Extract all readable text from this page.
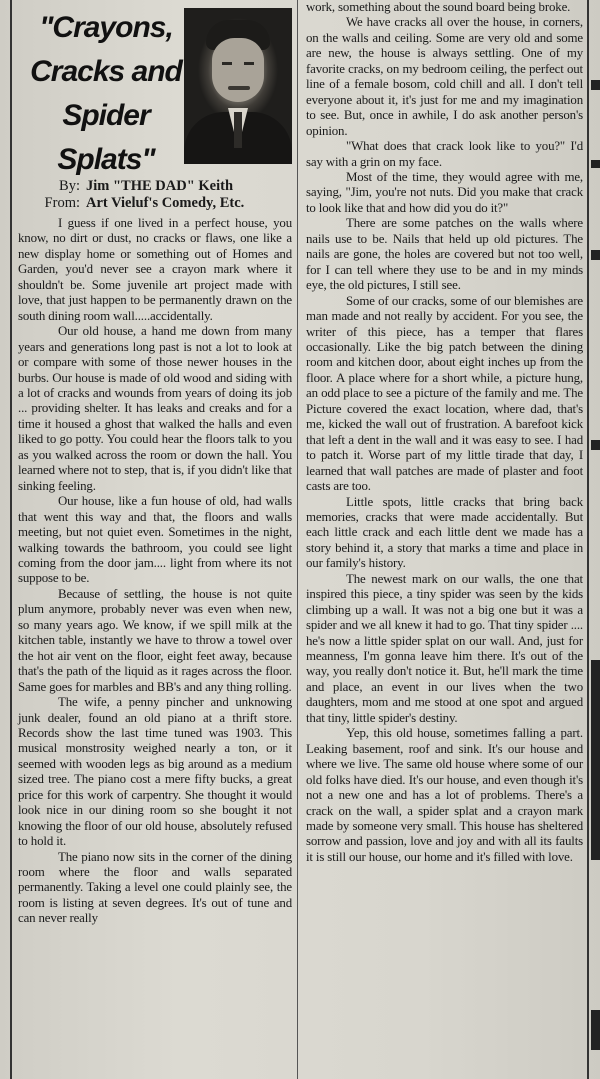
"Crayons,
Cracks and
Spider
Splats"
By: Jim "THE DAD" Keith
From: Art Vieluf's Comedy, Etc.

I guess if one lived in a perfect house, you know, no dirt or dust, no cracks or flaws, one like a new display home or something out of Homes and Garden, you'd never see a crayon mark where it shouldn't be. Some juvenile art project made with love, that just happen to be permanently drawn on the south dining room wall.....accidentally.

Our old house, a hand me down from many years and generations long past is not a lot to look at or compare with some of those newer houses in the burbs. Our house is made of old wood and siding with a lot of cracks and wounds from years of doing its job ... providing shelter. It has leaks and creaks and for a time it housed a ghost that walked the halls and even liked to go potty. You could hear the floors talk to you as you walked across the room or down the hall. You learned where not to step, that is, if you didn't like that sinking feeling.

Our house, like a fun house of old, had walls that went this way and that, the floors and walls meeting, but not quiet even. Sometimes in the night, walking towards the bathroom, you could see light coming from the door jam.... light from where its not suppose to be.

Because of settling, the house is not quite plum anymore, probably never was even when new, so many years ago. We know, if we spill milk at the kitchen table, instantly we have to throw a towel over the hot air vent on the floor, eight feet away, because that's the path of the liquid as it rages across the floor. Same goes for marbles and BB's and any thing rolling.

The wife, a penny pincher and unknowing junk dealer, found an old piano at a thrift store. Records show the last time tuned was 1903. This musical monstrosity weighed nearly a ton, or it seemed with wooden legs as big around as a medium sized tree. The piano cost a mere fifty bucks, a great price for this work of carpentry. She thought it would look nice in our dining room so she bought it not knowing the floor of our old house, absolutely refused to hold it.

The piano now sits in the corner of the dining room where the floor and walls separated permanently. Taking a level one could plainly see, the room is listing at seven degrees. It's out of tune and can never really

work, something about the sound board being broke.

We have cracks all over the house, in corners, on the walls and ceiling. Some are very old and some are new, the house is always settling. One of my favorite cracks, on my bedroom ceiling, the perfect out line of a female bosom, cold chill and all. I don't tell everyone about it, it's just for me and my imagination to see. But, once in awhile, I do ask another person's opinion.

"What does that crack look like to you?" I'd say with a grin on my face.

Most of the time, they would agree with me, saying, "Jim, you're not nuts. Did you make that crack to look like that and how did you do it?"

There are some patches on the walls where nails use to be. Nails that held up old pictures. The nails are gone, the holes are covered but not too well, for I can tell where they use to be and in my minds eye, the old pictures, I still see.

Some of our cracks, some of our blemishes are man made and not really by accident. For you see, the writer of this piece, has a temper that flares occasionally. Like the big patch between the dining room and kitchen door, about eight inches up from the floor. A place where for a short while, a picture hung, an odd place to see a picture of the family and me. The Picture covered the exact location, where dad, that's me, kicked the wall out of frustration. A barefoot kick that left a dent in the wall and it was easy to see. I had to patch it. Worse part of my little tirade that day, I learned that wall patches are made of plaster and foot casts are too.

Little spots, little cracks that bring back memories, cracks that were made accidentally. But each little crack and each little dent we made has a story behind it, a story that marks a time and place in our family's history.

The newest mark on our walls, the one that inspired this piece, a tiny spider was seen by the kids climbing up a wall. It was not a big one but it was a spider and we all knew it had to go. That tiny spider .... he's now a little spider splat on our wall. And, just for meanness, I'm gonna leave him there. It's out of the way, you really don't notice it. But, he'll mark the time and place, an event in our lives when the two daughters, mom and me stood at one spot and argued that tiny, little spider's destiny.

Yep, this old house, sometimes falling a part. Leaking basement, roof and sink. It's our house and where we live. The same old house where some of our old folks have died. It's our house, and even though it's not a new one and has a lot of problems. There's a crack on the wall, a spider splat and a crayon mark made by someone very small. This house has sheltered sorrow and passion, love and joy and with all its faults it is still our house, our home and it's filled with love.
